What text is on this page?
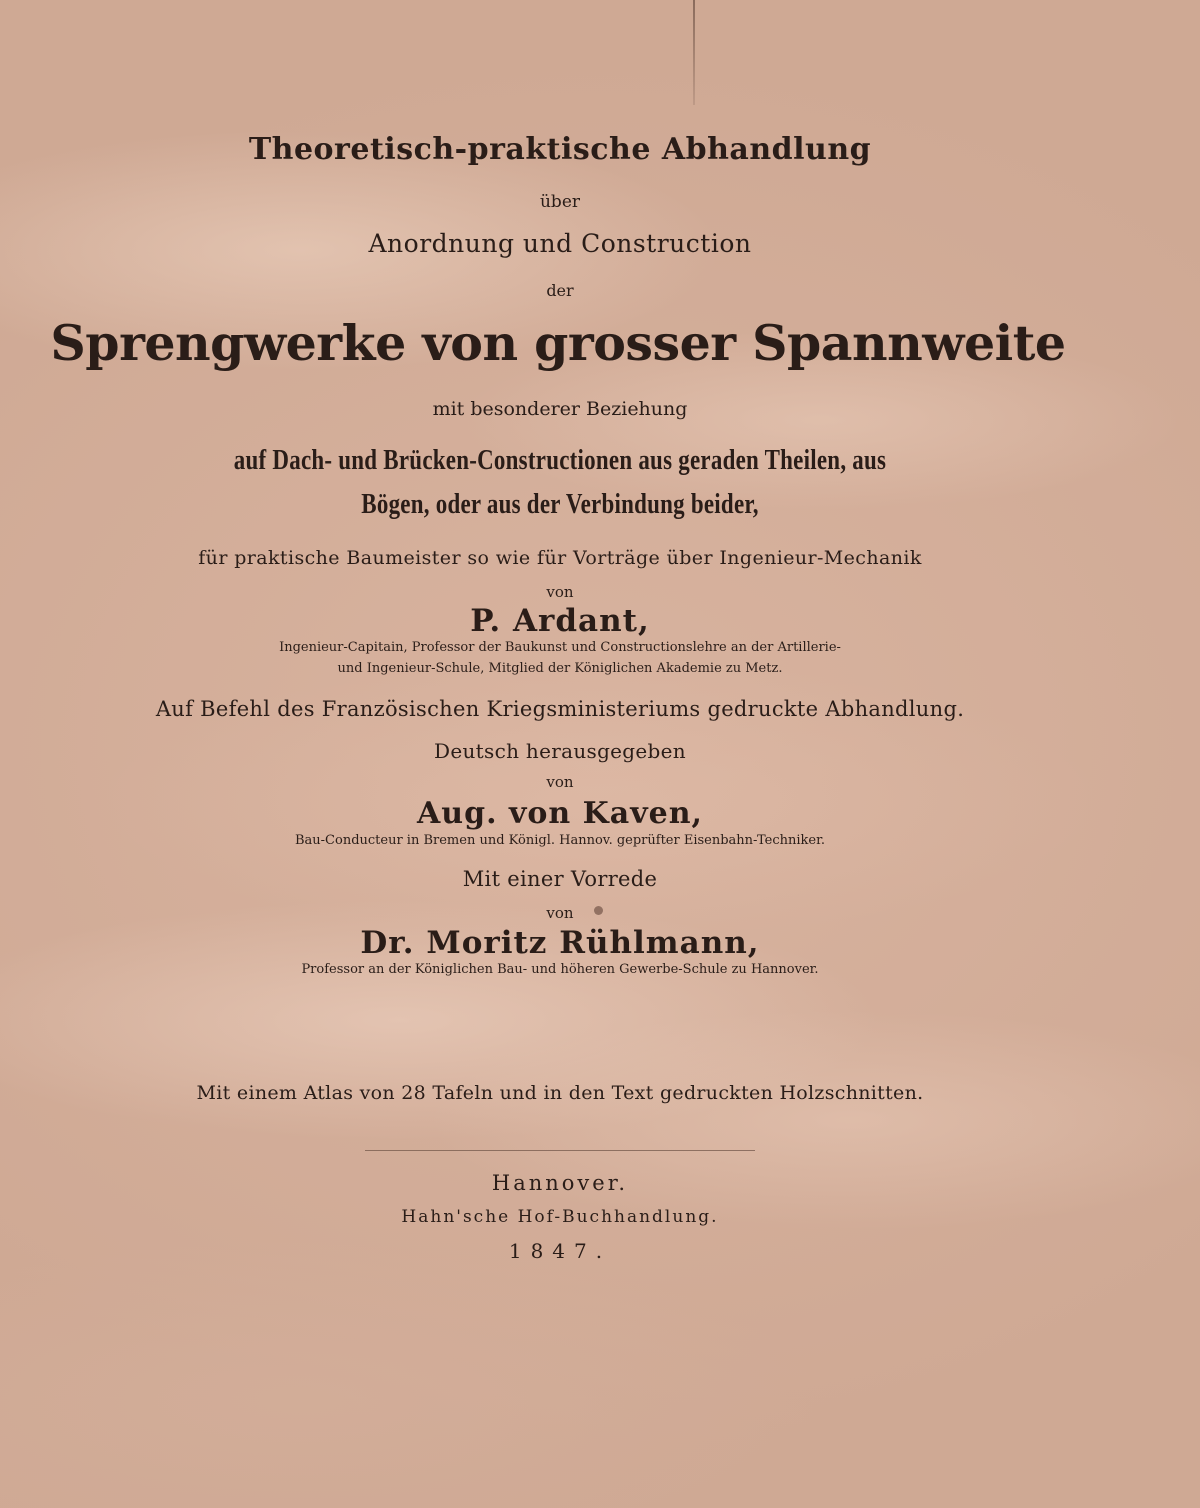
Theoretisch-praktische Abhandlung
über
Anordnung und Construction
der
Sprengwerke von grosser Spannweite
mit besonderer Beziehung
auf Dach- und Brücken-Constructionen aus geraden Theilen, aus
Bögen, oder aus der Verbindung beider,
für praktische Baumeister so wie für Vorträge über Ingenieur-Mechanik
von
P. Ardant,
Ingenieur-Capitain, Professor der Baukunst und Constructionslehre an der Artillerie-
und Ingenieur-Schule, Mitglied der Königlichen Akademie zu Metz.
Auf Befehl des Französischen Kriegsministeriums gedruckte Abhandlung.
Deutsch herausgegeben
von
Aug. von Kaven,
Bau-Conducteur in Bremen und Königl. Hannov. geprüfter Eisenbahn-Techniker.
Mit einer Vorrede
von
Dr. Moritz Rühlmann,
Professor an der Königlichen Bau- und höheren Gewerbe-Schule zu Hannover.
Mit einem Atlas von 28 Tafeln und in den Text gedruckten Holzschnitten.
Hannover.
Hahn'sche Hof-Buchhandlung.
1847.
